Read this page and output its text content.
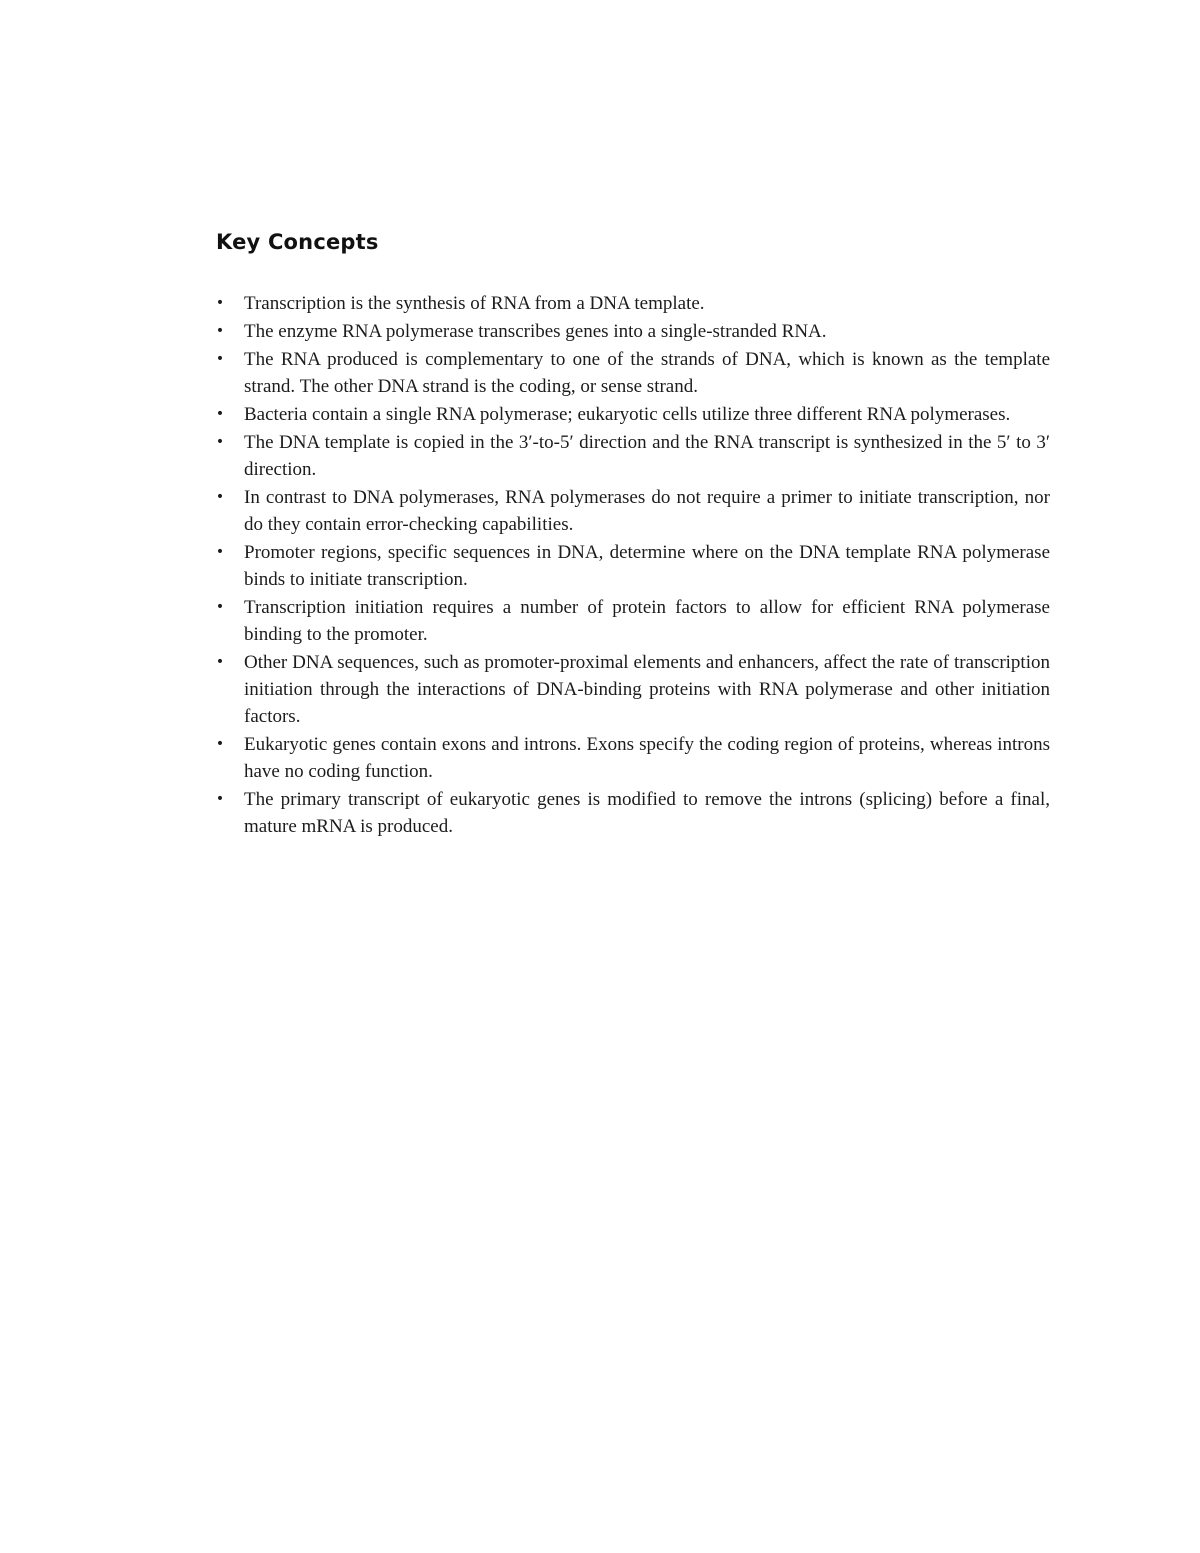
Key Concepts
• Transcription is the synthesis of RNA from a DNA template.
• The enzyme RNA polymerase transcribes genes into a single-stranded RNA.
• The RNA produced is complementary to one of the strands of DNA, which is known as the template strand. The other DNA strand is the coding, or sense strand.
• Bacteria contain a single RNA polymerase; eukaryotic cells utilize three different RNA polymerases.
• The DNA template is copied in the 3′-to-5′ direction and the RNA transcript is synthesized in the 5′ to 3′ direction.
• In contrast to DNA polymerases, RNA polymerases do not require a primer to initiate transcription, nor do they contain error-checking capabilities.
• Promoter regions, specific sequences in DNA, determine where on the DNA template RNA polymerase binds to initiate transcription.
• Transcription initiation requires a number of protein factors to allow for efficient RNA polymerase binding to the promoter.
• Other DNA sequences, such as promoter-proximal elements and enhancers, affect the rate of transcription initiation through the interactions of DNA-binding proteins with RNA polymerase and other initiation factors.
• Eukaryotic genes contain exons and introns. Exons specify the coding region of proteins, whereas introns have no coding function.
• The primary transcript of eukaryotic genes is modified to remove the introns (splicing) before a final, mature mRNA is produced.
